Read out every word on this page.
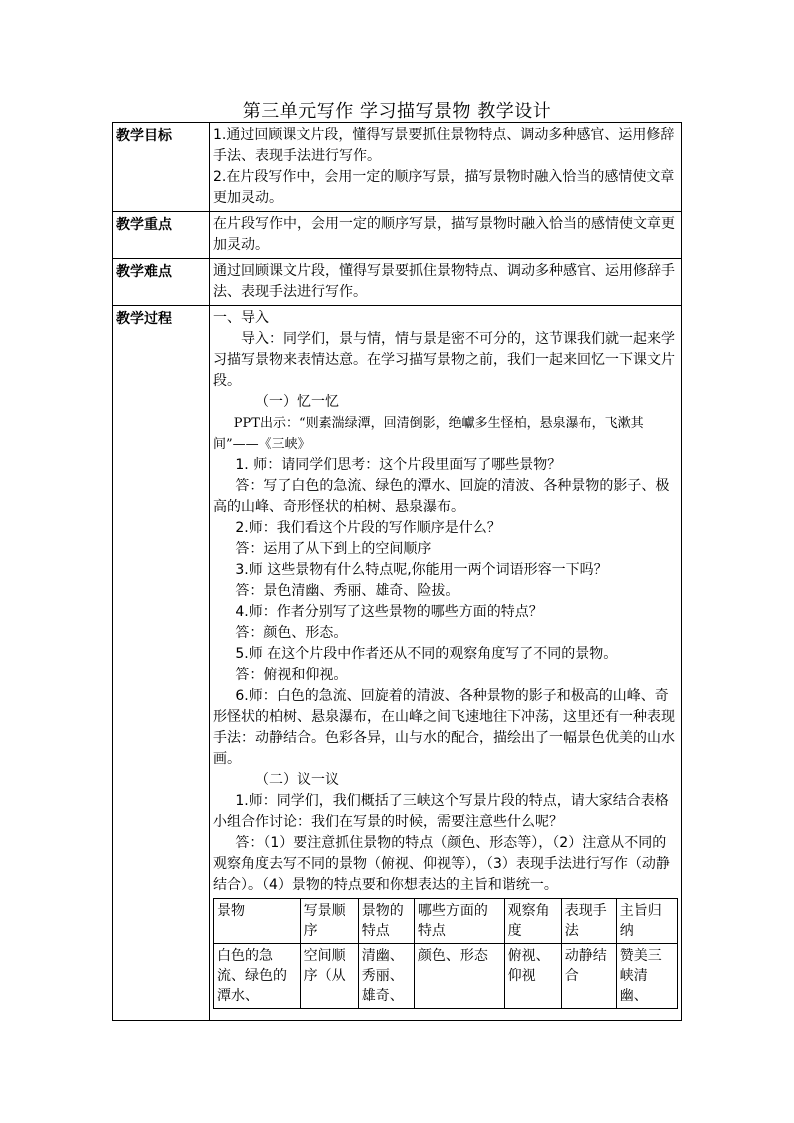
第三单元写作 学习描写景物 教学设计
教学目标	1.通过回顾课文片段，懂得写景要抓住景物特点、调动多种感官、运用修辞手法、表现手法进行写作。

2.在片段写作中，会用一定的顺序写景，描写景物时融入恰当的感情使文章更加灵动。

教学重点	在片段写作中，会用一定的顺序写景，描写景物时融入恰当的感情使文章更加灵动。
教学难点	通过回顾课文片段，懂得写景要抓住景物特点、调动多种感官、运用修辞手法、表现手法进行写作。
教学过程	一、导入

导入：同学们，景与情，情与景是密不可分的，这节课我们就一起来学习描写景物来表情达意。在学习描写景物之前，我们一起来回忆一下课文片段。

（一）忆一忆

PPT出示：“则素湍绿潭，回清倒影，绝巘多生怪柏，悬泉瀑布，飞漱其间”——《三峡》

1. 师：请同学们思考：这个片段里面写了哪些景物？

答：写了白色的急流、绿色的潭水、回旋的清波、各种景物的影子、极高的山峰、奇形怪状的柏树、悬泉瀑布。

2.师：我们看这个片段的写作顺序是什么？

答：运用了从下到上的空间顺序

3.师 这些景物有什么特点呢,你能用一两个词语形容一下吗？

答：景色清幽、秀丽、雄奇、险拔。

4.师：作者分别写了这些景物的哪些方面的特点？

答：颜色、形态。

5.师 在这个片段中作者还从不同的观察角度写了不同的景物。

答：俯视和仰视。

6.师：白色的急流、回旋着的清波、各种景物的影子和极高的山峰、奇形怪状的柏树、悬泉瀑布，在山峰之间飞速地往下冲荡，这里还有一种表现手法：动静结合。色彩各异，山与水的配合，描绘出了一幅景色优美的山水画。

（二）议一议

1.师：同学们，我们概括了三峡这个写景片段的特点，请大家结合表格小组合作讨论：我们在写景的时候，需要注意些什么呢？

答：（1）要注意抓住景物的特点（颜色、形态等），（2）注意从不同的观察角度去写不同的景物（俯视、仰视等），（3）表现手法进行写作（动静结合）。（4）景物的特点要和你想表达的主旨和谐统一。

景物	写景顺序	景物的特点	哪些方面的特点	观察角度	表现手法	主旨归纳
白色的急流、绿色的潭水、	空间顺序（从	清幽、秀丽、雄奇、	颜色、形态	俯视、仰视	动静结合	赞美三峡清幽、
